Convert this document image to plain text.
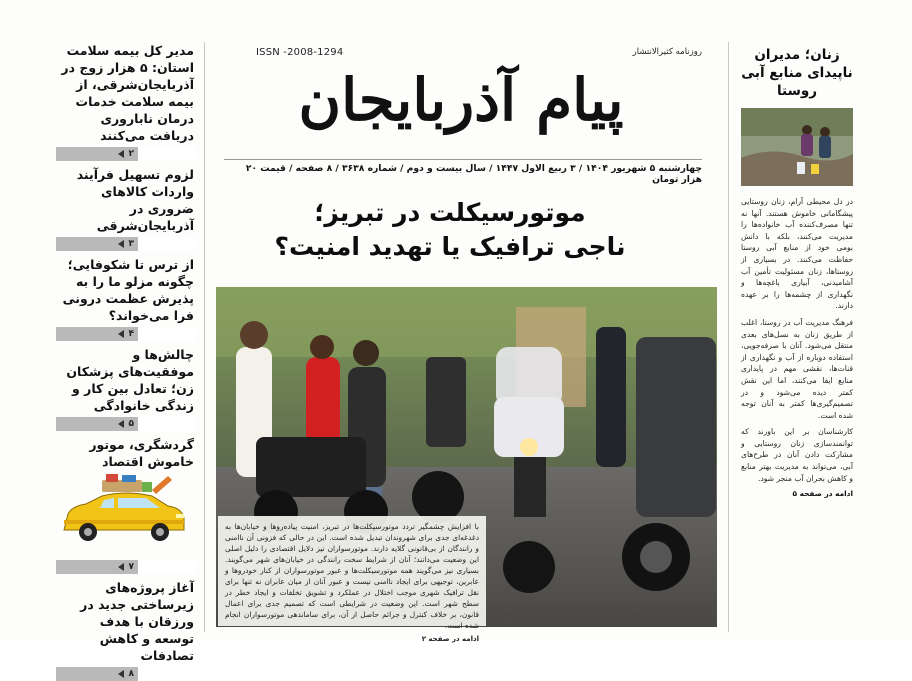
مدیر کل بیمه سلامت استان: ۵ هزار زوج در آذربایجان‌شرقی، از بیمه سلامت خدمات درمان ناباروری دریافت می‌کنند
۲
لزوم تسهیل فرآیند واردات کالاهای ضروری در آذربایجان‌شرقی
۳
از ترس تا شکوفایی؛ چگونه مزلو ما را به پذیرش عظمت درونی فرا می‌خواند؟
۴
چالش‌ها و موفقیت‌های پزشکان زن؛ تعادل بین کار و زندگی خانوادگی
۵
گردشگری، موتور خاموش اقتصاد
۷
آغاز پروژه‌های زیرساختی جدید در ورزقان با هدف توسعه و کاهش تصادفات
۸
ISSN -2008-1294	روزنامه کثیرالانتشار
پیام آذربایجان
چهارشنبه ۵ شهریور ۱۴۰۴ / ۳ ربیع الاول ۱۴۴۷ / سال بیست و دوم / شماره ۳۶۳۸ / ۸ صفحه / قیمت ۲۰ هزار تومان
موتورسیکلت در تبریز؛
ناجی ترافیک یا تهدید امنیت؟
با افزایش چشمگیر تردد موتورسیکلت‌ها در تبریز، امنیت پیاده‌روها و خیابان‌ها به دغدغه‌ای جدی برای شهروندان تبدیل شده است. این در حالی که فزونی آن ناامنی و رانندگان از بی‌قانونی گلایه دارند. موتورسواران نیز دلایل اقتصادی را دلیل اصلی این وضعیت می‌دانند؛ آنان از شرایط سخت رانندگی در خیابان‌های شهر می‌گویند. بسیاری نیز می‌گویند همه موتورسیکلت‌ها و عبور موتورسواران از کنار خودروها و عابرین، توجیهی برای ایجاد ناامنی نیست و عبور آنان از میان عابران نه تنها برای نقل ترافیک شهری موجب اختلال در عملکرد و تشویق تخلفات و ایجاد خطر در سطح شهر است. این وضعیت در شرایطی است که تصمیم جدی برای اعمال قانون، بر خلاف کنترل و جرائم حاصل از آن، برای ساماندهی موتورسواران انجام شده است.
ادامه در صفحه ۲
زنان؛ مدیران ناپیدای منابع آبی روستا

در دل محیطی آرام، زنان روستایی پیشگامانی خاموش هستند. آنها نه تنها مصرف‌کننده آب خانواده‌ها را مدیریت می‌کنند، بلکه با دانش بومی خود از منابع آبی روستا حفاظت می‌کنند. در بسیاری از روستاها، زنان مسئولیت تأمین آب آشامیدنی، آبیاری باغچه‌ها و نگهداری از چشمه‌ها را بر عهده دارند.

فرهنگ مدیریت آب در روستا، اغلب از طریق زنان به نسل‌های بعدی منتقل می‌شود. آنان با صرفه‌جویی، استفاده دوباره از آب و نگهداری از قنات‌ها، نقشی مهم در پایداری منابع ایفا می‌کنند، اما این نقش کمتر دیده می‌شود و در تصمیم‌گیری‌ها کمتر به آنان توجه شده است.

کارشناسان بر این باورند که توانمندسازی زنان روستایی و مشارکت دادن آنان در طرح‌های آبی، می‌تواند به مدیریت بهتر منابع و کاهش بحران آب منجر شود.

ادامه در صفحه ۵
